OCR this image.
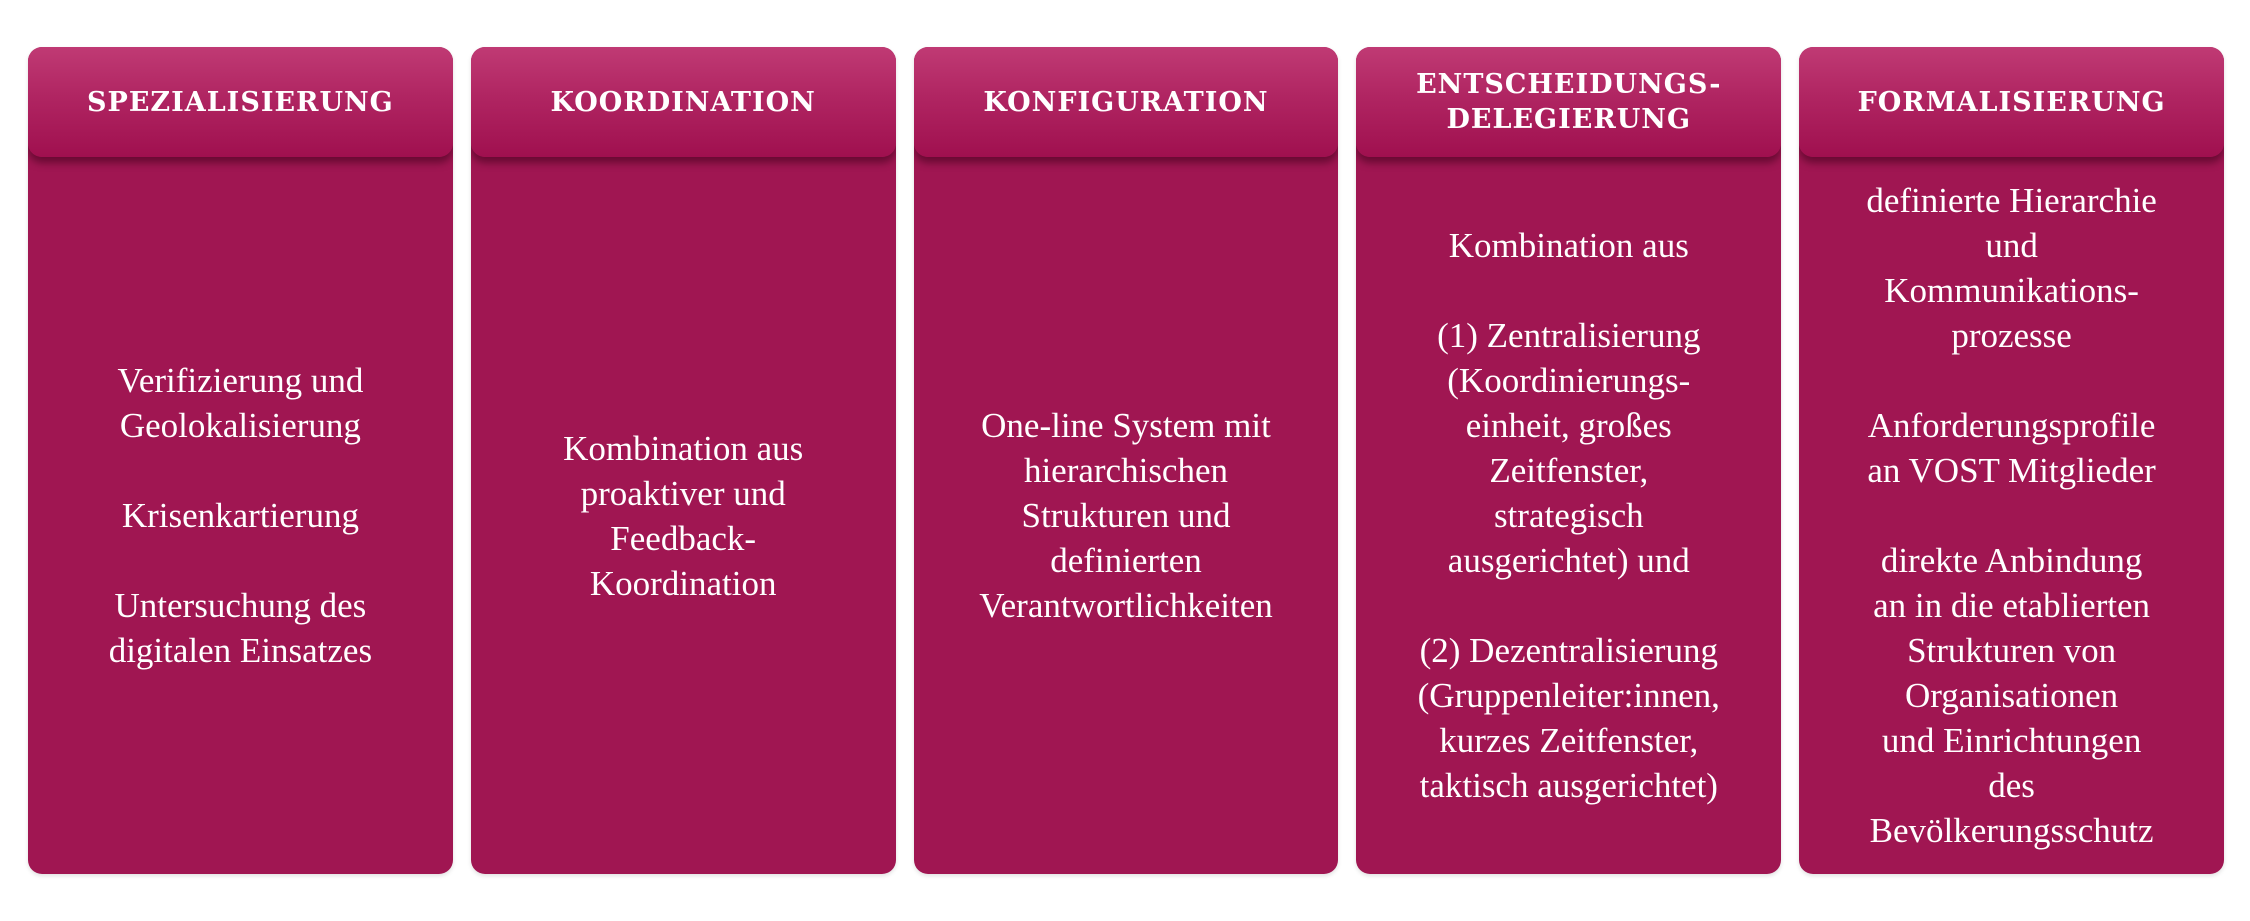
SPEZIALISIERUNG
Verifizierung und
Geolokalisierung

Krisenkartierung

Untersuchung des
digitalen Einsatzes
KOORDINATION
Kombination aus
proaktiver und
Feedback-
Koordination
KONFIGURATION
One-line System mit
hierarchischen
Strukturen und
definierten
Verantwortlichkeiten
ENTSCHEIDUNGS-
DELEGIERUNG
Kombination aus

(1) Zentralisierung
(Koordinierungs-
einheit, großes
Zeitfenster,
strategisch
ausgerichtet) und

(2) Dezentralisierung
(Gruppenleiter:innen,
kurzes Zeitfenster,
taktisch ausgerichtet)
FORMALISIERUNG
definierte Hierarchie
und
Kommunikations-
prozesse

Anforderungsprofile
an VOST Mitglieder

direkte Anbindung
an in die etablierten
Strukturen von
Organisationen
und Einrichtungen
des
Bevölkerungsschutz
